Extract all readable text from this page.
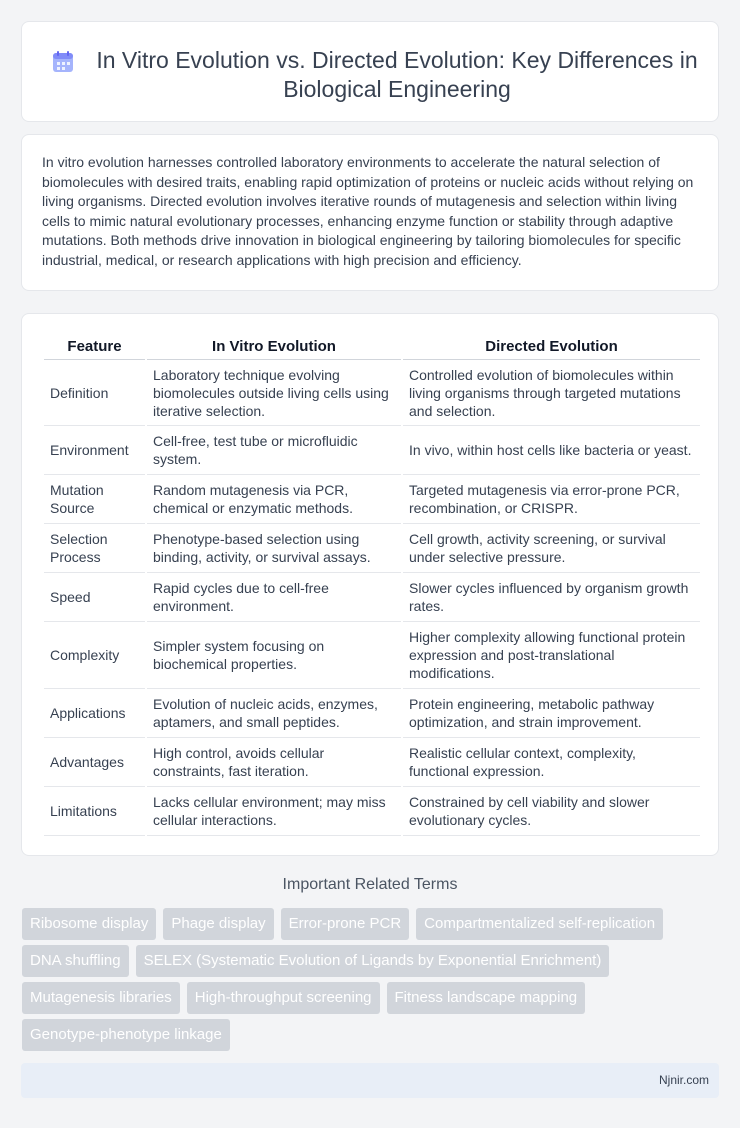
In Vitro Evolution vs. Directed Evolution: Key Differences in Biological Engineering

In vitro evolution harnesses controlled laboratory environments to accelerate the natural selection of biomolecules with desired traits, enabling rapid optimization of proteins or nucleic acids without relying on living organisms. Directed evolution involves iterative rounds of mutagenesis and selection within living cells to mimic natural evolutionary processes, enhancing enzyme function or stability through adaptive mutations. Both methods drive innovation in biological engineering by tailoring biomolecules for specific industrial, medical, or research applications with high precision and efficiency.

Feature	In Vitro Evolution	Directed Evolution
Definition	Laboratory technique evolving biomolecules outside living cells using iterative selection.	Controlled evolution of biomolecules within living organisms through targeted mutations and selection.
Environment	Cell-free, test tube or microfluidic system.	In vivo, within host cells like bacteria or yeast.
Mutation Source	Random mutagenesis via PCR, chemical or enzymatic methods.	Targeted mutagenesis via error-prone PCR, recombination, or CRISPR.
Selection Process	Phenotype-based selection using binding, activity, or survival assays.	Cell growth, activity screening, or survival under selective pressure.
Speed	Rapid cycles due to cell-free environment.	Slower cycles influenced by organism growth rates.
Complexity	Simpler system focusing on biochemical properties.	Higher complexity allowing functional protein expression and post-translational modifications.
Applications	Evolution of nucleic acids, enzymes, aptamers, and small peptides.	Protein engineering, metabolic pathway optimization, and strain improvement.
Advantages	High control, avoids cellular constraints, fast iteration.	Realistic cellular context, complexity, functional expression.
Limitations	Lacks cellular environment; may miss cellular interactions.	Constrained by cell viability and slower evolutionary cycles.
Important Related Terms
Ribosome display	Phage display	Error-prone PCR	Compartmentalized self-replication
DNA shuffling	SELEX (Systematic Evolution of Ligands by Exponential Enrichment)
Mutagenesis libraries	High-throughput screening	Fitness landscape mapping
Genotype-phenotype linkage
Njnir.com
